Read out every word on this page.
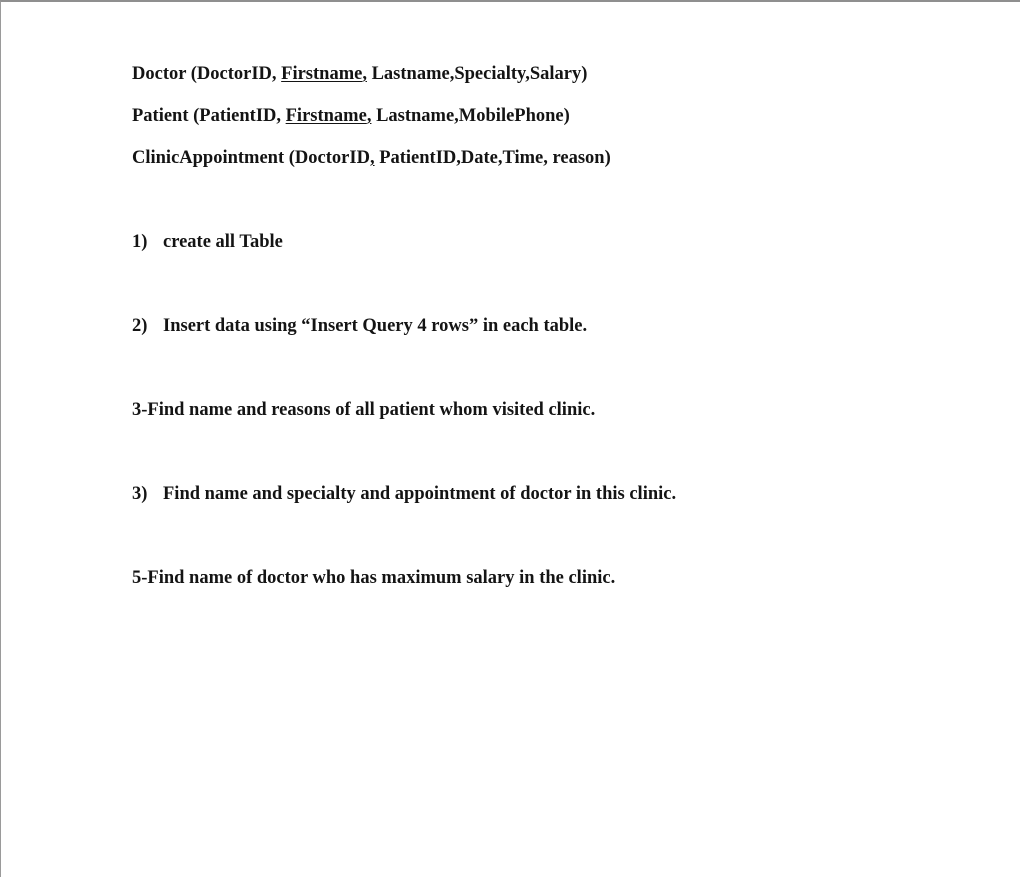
Doctor (DoctorID, Firstname, Lastname,Specialty,Salary)

Patient (PatientID, Firstname, Lastname,MobilePhone)

ClinicAppointment (DoctorID, PatientID,Date,Time, reason)

1) create all Table

2) Insert data using “Insert Query 4 rows” in each table.

3-Find name and reasons of all patient whom visited clinic.

3) Find name and specialty and appointment of doctor in this clinic.

5-Find name of doctor who has maximum salary in the clinic.
